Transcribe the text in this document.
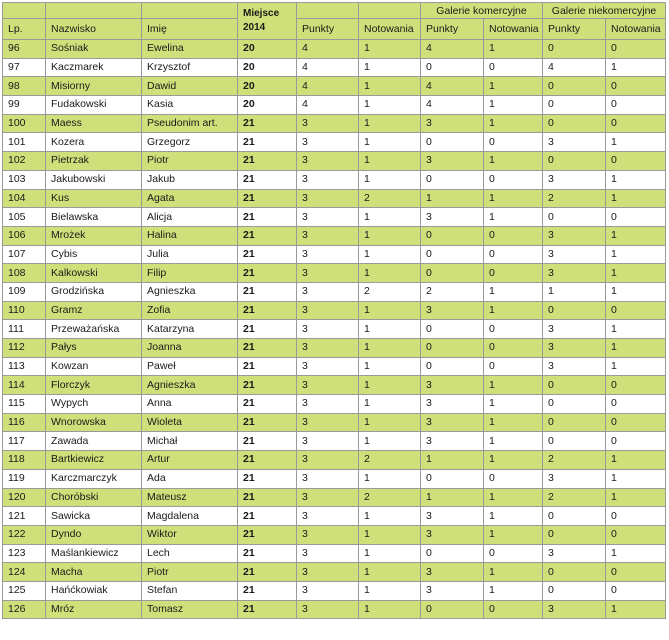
			Miejsce 2014			Galerie komercyjne		Galerie niekomercyjne	
Lp.	Nazwisko	Imię		Punkty	Notowania	Punkty	Notowania	Punkty	Notowania
96	Sośniak	Ewelina	20	4	1	4	1	0	0
97	Kaczmarek	Krzysztof	20	4	1	0	0	4	1
98	Misiorny	Dawid	20	4	1	4	1	0	0
99	Fudakowski	Kasia	20	4	1	4	1	0	0
100	Maess	Pseudonim art.	21	3	1	3	1	0	0
101	Kozera	Grzegorz	21	3	1	0	0	3	1
102	Pietrzak	Piotr	21	3	1	3	1	0	0
103	Jakubowski	Jakub	21	3	1	0	0	3	1
104	Kus	Agata	21	3	2	1	1	2	1
105	Bielawska	Alicja	21	3	1	3	1	0	0
106	Mrożek	Halina	21	3	1	0	0	3	1
107	Cybis	Julia	21	3	1	0	0	3	1
108	Kalkowski	Filip	21	3	1	0	0	3	1
109	Grodzińska	Agnieszka	21	3	2	2	1	1	1
110	Gramz	Zofia	21	3	1	3	1	0	0
111	Przeważańska	Katarzyna	21	3	1	0	0	3	1
112	Pałys	Joanna	21	3	1	0	0	3	1
113	Kowzan	Paweł	21	3	1	0	0	3	1
114	Florczyk	Agnieszka	21	3	1	3	1	0	0
115	Wypych	Anna	21	3	1	3	1	0	0
116	Wnorowska	Wioleta	21	3	1	3	1	0	0
117	Zawada	Michał	21	3	1	3	1	0	0
118	Bartkiewicz	Artur	21	3	2	1	1	2	1
119	Karczmarczyk	Ada	21	3	1	0	0	3	1
120	Chorόbski	Mateusz	21	3	2	1	1	2	1
121	Sawicka	Magdalena	21	3	1	3	1	0	0
122	Dyndo	Wiktor	21	3	1	3	1	0	0
123	Maślankiewicz	Lech	21	3	1	0	0	3	1
124	Macha	Piotr	21	3	1	3	1	0	0
125	Hańćkowiak	Stefan	21	3	1	3	1	0	0
126	Mróz	Tomasz	21	3	1	0	0	3	1
